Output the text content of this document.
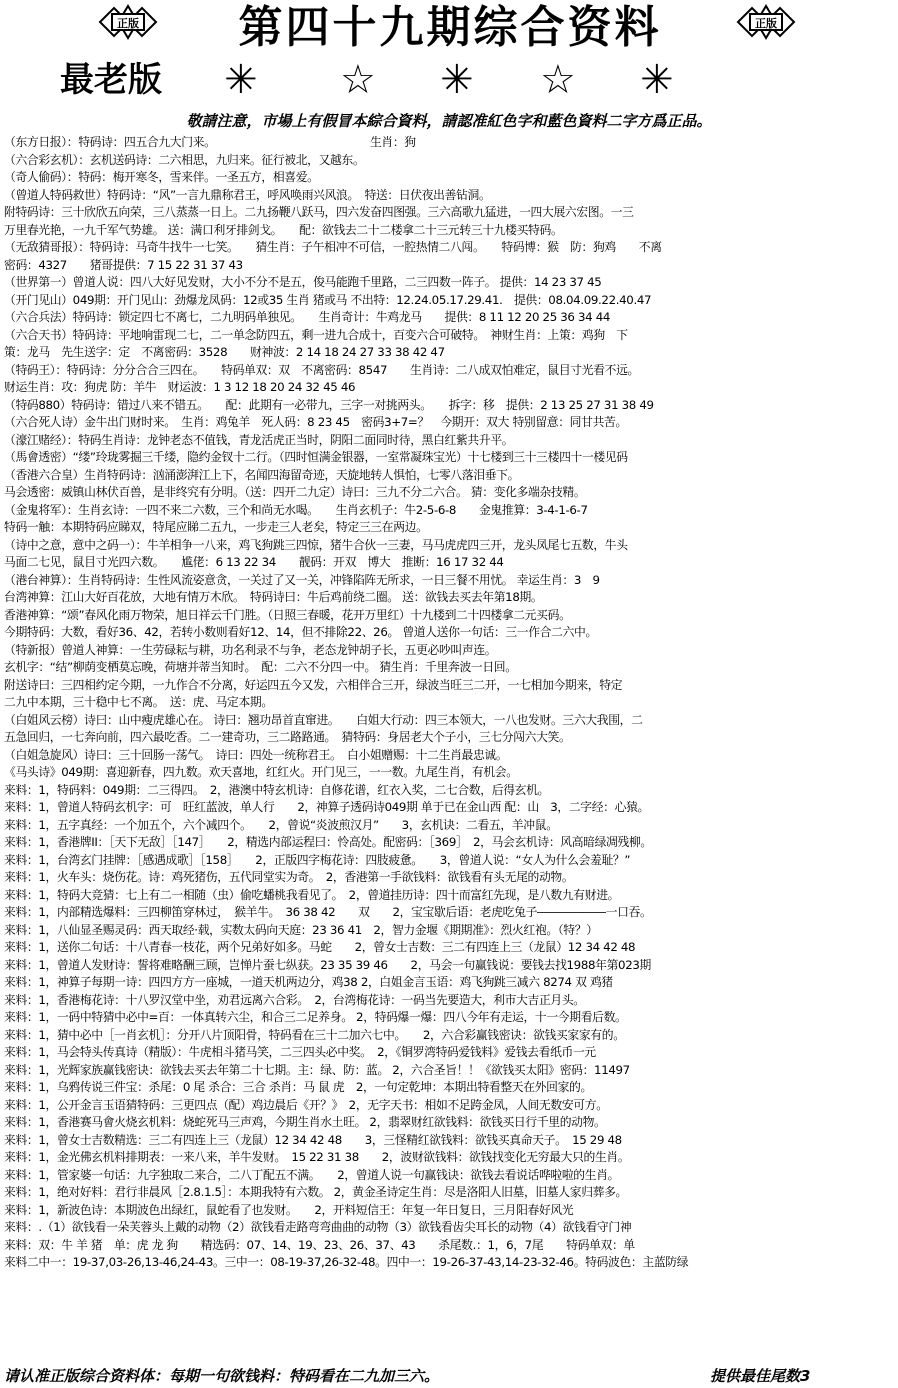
正版	第四十九期综合资料	正版
最老版 ✳ ☆ ✳ ☆ ✳
敬請注意，市場上有假冒本綜合資料，請認准紅色字和藍色資料二字方爲正品。
（东方日报）：特码诗：四五合九大门来。　　　　　　　　　　　　　　生肖：狗
（六合彩玄机）：玄机送码诗：二六相思，九归来。征行被北，又越东。
（奇人偷码）：特码：梅开寒冬，雪来伴。一圣五方，相喜爱。
（曾道人特码救世）特码诗：“风”一言九鼎称君王，呼风唤雨兴风浪。　特送：日伏夜出善钻洞。
附特码诗：三十欣欣五向荣，三八蒸蒸一日上。二九扬鞭八跃马，四六发奋四图强。三六高歌九猛进，一四大展六宏图。一三
万里春光艳，一九千军气势雄。 送：满口利牙排剑戈。　　配：欲钱去二十二楼拿二十三元转三十九楼买特码。
（无敌猜哥报）：特码诗：马奇牛找牛一七笑。　　猜生肖：子午相冲不可信，一腔热情二八闯。　　特码博：猴　防：狗鸡　　不离
密码：4327　　猪哥提供：7 15 22 31 37 43
（世界第一）曾道人说：四八大好见发财，大小不分不是五，俊马能跑千里路，二三四数一阵子。 提供：14 23 37 45
（开门见山）049期：开门见山：劲爆龙凤码：12或35 生肖 猪或马 不出特：12.24.05.17.29.41.　提供：08.04.09.22.40.47
（六合兵法）特码诗：锁定四七不离七，二九明码单独见。　　生肖奇计：牛鸡龙马　　提供：8 11 12 20 25 36 34 44
（六合天书）特码诗：平地响雷现二七，二一单念防四五，剩一进九合成十，百变六合可破特。　神财生肖：上策：鸡狗　下
策：龙马　先生送字：定　不离密码：3528　　财神波：2 14 18 24 27 33 38 42 47
（特码王）：特码诗：分分合合三四在。　　特码单双：双　不离密码：8547　　生肖诗：二八成双怕难定，鼠目寸光看不远。
财运生肖：攻：狗虎 防：羊牛　财运波：1 3 12 18 20 24 32 45 46
（特码880）特码诗：错过八来不错五。　　配：此期有一必带九，三字一对挑两头。　　拆字：移　提供：2 13 25 27 31 38 49
（六合死人诗）金牛出门财时来。　生肖：鸡兔羊　死人码：8 23 45　密码3+7=？　今期开：双大 特别留意：同甘共苦。
（濠江赌经）：特码生肖诗：龙钟老态不值钱，青龙活虎正当时，阴阳二面同时待，黑白红紫共升平。
（馬會透密）“缕”玲珑雾掘三千缕，隐约金钗十二行。（四时恒满金银器，一室常凝珠宝光）十七楼到三十三楼四十一楼见码
（香港六合皇）生肖特码诗：汹涌澎湃江上下，名闻四海留奇迹，天旋地转人惧怕，七零八落泪垂下。
马会透密：威镇山林伏百兽，是非终究有分明。（送：四开二九定）诗曰：三九不分二六合。 猜：变化多端杂技精。
（金鬼将军）：生肖玄诗：一四不来二六数，三个和尚无水喝。　　生肖玄机子：牛2-5-6-8　　金鬼推算：3-4-1-6-7
特码一触：本期特码应睇双，特尾应睇二五九，一步走三人老矣，特定三三在两边。
（诗中之意，意中之码一）：牛羊相争一八来，鸡飞狗跳三四惊，猪牛合伙一三妻，马马虎虎四三开，龙头凤尾七五数，牛头
马面二七见，鼠目寸光四六数。　　尴佬：6 13 22 34　　靓码：开双　博大　推断：16 17 32 44
（港台神算）：生肖特码诗：生性风流姿意贪，一关过了又一关，冲锋陷阵无所求，一日三餐不用忧。 幸运生肖：3　9
台湾神算：江山大好百花放，大地有情万木欣。　特码诗曰：牛后鸡前绕二圈。 送：欲钱去买去年第18期。
香港神算：“颂”春风化雨万物荣，旭日祥云千门胜。（日照三春暖，花开万里红）十九楼到二十四楼拿二元买码。
今期特码：大数，看好36、42，若转小数则看好12、14，但不排除22、26。 曾道人送你一句话：三一作合二六中。
（特新报）曾道人神算：一生劳碌耘与耕，功名利录不与争，老态龙钟胡子长，五更必吵叫声连。
玄机字：“结”柳荫变栖莫忘晚，荷塘并蒂当知时。　配：二六不分四一中。 猜生肖：千里奔波一日回。
附送诗曰：三四相约定今期，一九作合不分离，好运四五今又发，六相伴合三开，绿波当旺三二开，一七相加今期来，特定
二九中本期，三十稳中七不离。　送：虎、马定本期。
（白姐风云榜）诗曰：山中瘦虎雄心在。 诗曰：翘功昂首直窜进。　　白姐大行动：四三本领大，一八也发财。三六大我围，二
五急回归，一七奔向前，四六最吃香。二一建奇功，三二路路通。　猜特码：身居老大个子小，三七分闯六大笑。
（白姐急旋风）诗曰：三十回肠一荡气。　诗曰：四处一统称君王。　白小姐赠赐：十二生肖最忠诚。
《马头诗》049期：喜迎新春，四九数。欢天喜地，红红火。开门见三，一一数。九尾生肖，有机会。
来料：1，特码料：049期：二三得四。　2，港澳中特玄机诗：自修花谱，红衣入奖，二七合数，后得玄机。
来料：1，曾道人特码玄机字：可　旺红蓝波，单人行　　2，神算子透码诗049期 单于已在金山西 配：山　3，二字经：心猿。
来料：1，五字真经：一个加五个，六个减四个。　　2，曾说“炎波煎汉月”　　3，玄机诀：二看五，羊冲鼠。
来料：1，香港牌II：［天下无敌］［147］　　2，精选内部运程曰：怜高处。配密码：［369］　2，马会玄机诗：风高暗绿凋残柳。
来料：1，台湾玄门挂牌：［感遇成歌］［158］　　2，正版四字梅花诗：四肢疲惫。　　3，曾道人说：“女人为什么会羞耻？”
来料：1，火车头：烧伤花。诗：鸡死猪伤，五代同堂实为奇。　2，香港第一手欲钱料：欲钱看有头无尾的动物。
来料：1，特码大竞猜：七上有二一相随（虫）偷吃蟠桃我看见了。　2，曾道挂历诗：四十而富红先现，是八数九有财进。
来料：1，内部精选爆料：三四柳笛穿林过，　猴羊牛。　36 38 42　　双　　2，宝宝歇后语：老虎吃兔子――――――一口吞。
来料：1，八仙显圣赐灵码：西天取经·载，实数太码向天庭：23 36 41　2，智力金堰《期期准》：烈火红袍。（特？）
来料：1，送你二句话：十八青春一枝花，两个兄弟好如多。马蛇　　2，曾女士吉数：三二有四连上三（龙鼠）12 34 42 48
来料：1，曾道人发财诗：誓将难略酬三顾，岂惮片蚕七纵获。23 35 39 46　　2，马会一句赢钱说：要钱去找1988年第023期
来料：1，神算子每期一诗：四四方方一座城，一道天机两边分，鸡38 2，白姐金言玉语：鸡飞狗跳三减六 8274 双 鸡猪
来料：1，香港梅花诗：十八罗汉堂中坐，劝君远离六合彩。　2，台湾梅花诗：一码当先要造大，利市大吉正月头。
来料：1，一码中特猜中必中=百：一体真转六尘，和合三二足养身。 2，特码爆一爆：四八今年有走运，十一今期看后数。
来料：1，猜中必中［一肖玄机］：分开八片顶阳骨，特码看在三十二加六七中。　　2，六合彩赢钱密诀：欲钱买家家有的。
来料：1，马会特头传真诗（精版）：牛虎相斗猪马笑，二三四头必中奖。　2，《铜罗湾特码爱钱料》爱钱去看纸币一元
来料：1，光辉家族赢钱密诀：欲钱去买去年第二十七期。主：绿、防：蓝。 2，六合圣旨！！《欲钱买太阳》密码：11497
来料：1，乌鸦传说三件宝：杀尾：0 尾 杀合：三合 杀肖：马 鼠 虎　2，一句定乾坤：本期出特看整天在外回家的。
来料：1，公开金言玉语猜特码：三更四点（配）鸡边晨后《开？》　2，无字天书：相如不足跨金凤，人间无数安可方。
来料：1，香港赛马會火烧玄机料：烧蛇死马三声鸡，今期生肖水土旺。 2，翡翠财红欲钱料：欲钱买日行千里的动物。
来料：1，曾女士吉数精选：三二有四连上三（龙鼠）12 34 42 48　　3，三怪精红欲钱料：欲钱买真命天子。　15 29 48
来料：1，金光佛玄机料排期表：一来八来，羊牛发财。　15 22 31 38　　2，波财欲钱料：欲钱找变化无穷最大只的生肖。
来料：1，管家婆一句话：九字独取二来合，二八丁配五不满。　　2，曾道人说一句赢钱诀：欲钱去看说话哗啦啦的生肖。
来料：1，绝对好料：君行非晨风［2.8.1.5］：本期我特有六数。 2，黄金圣诗定生肖：尽是洛阳人旧墓，旧墓人家归葬多。
来料：1，新波色诗：本期波色出绿红，鼠蛇看了也发财。　　2，开料短信王：年复一年日复日，三月阳春好风光
来料：.（1）欲钱看一朵芙蓉头上戴的动物（2）欲钱看走路弯弯曲曲的动物（3）欲钱看齿尖耳长的动物（4）欲钱看守门神
来料：双：牛 羊 猪　单：虎 龙 狗　　精选码：07、14、19、23、26、37、43　　杀尾数.：1，6，7尾　　特码单双：单
来料二中一：19-37,03-26,13-46,24-43。三中一：08-19-37,26-32-48。四中一：19-26-37-43,14-23-32-46。特码波色：主蓝防绿
请认准正版综合资料体：每期一句欲钱料：特码看在二九加三六。	提供最佳尾数3
